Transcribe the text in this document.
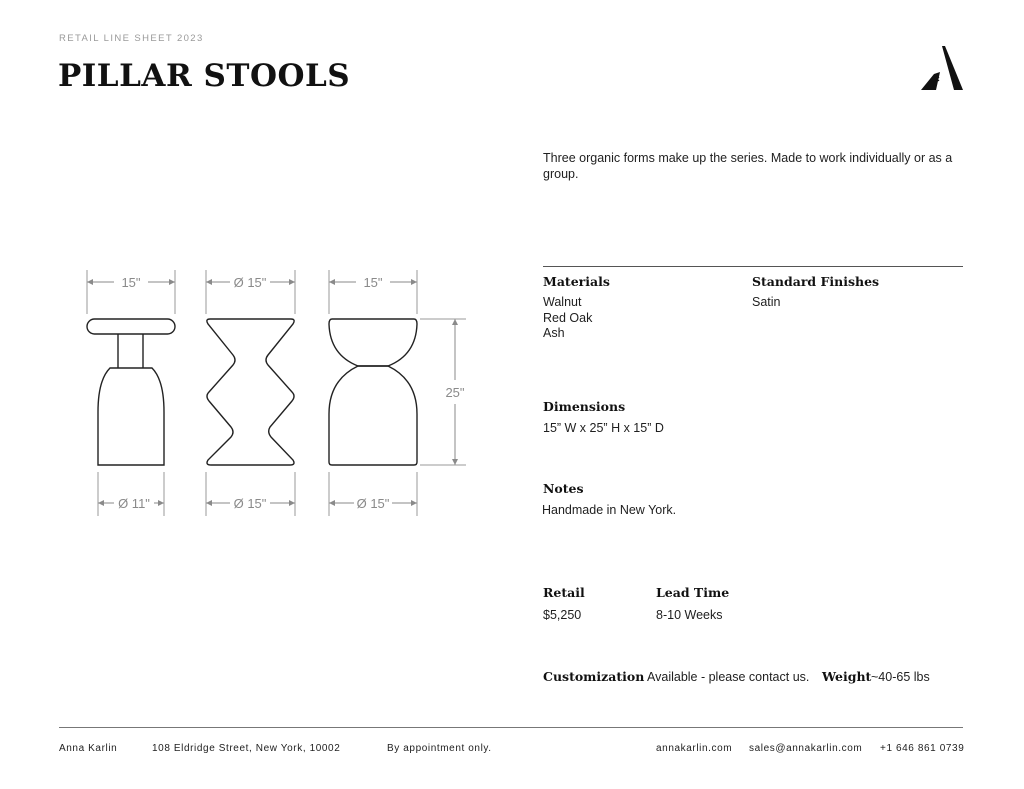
RETAIL LINE SHEET 2023
PILLAR STOOLS
15"	Ø 15"	15"
Ø 11"	Ø 15"	Ø 15"
25"

Three organic forms make up the series. Made to work individually or as a group.

Materials
Walnut
Red Oak
Ash
Standard Finishes
Satin
Dimensions
15” W x 25” H x 15” D
Notes
Handmade in New York.
Retail
$5,250
Lead Time
8-10 Weeks
Customization Available - please contact us. Weight ~40-65 lbs
Anna Karlin	108 Eldridge Street, New York, 10002	By appointment only.	annakarlin.com sales@annakarlin.com +1 646 861 0739
